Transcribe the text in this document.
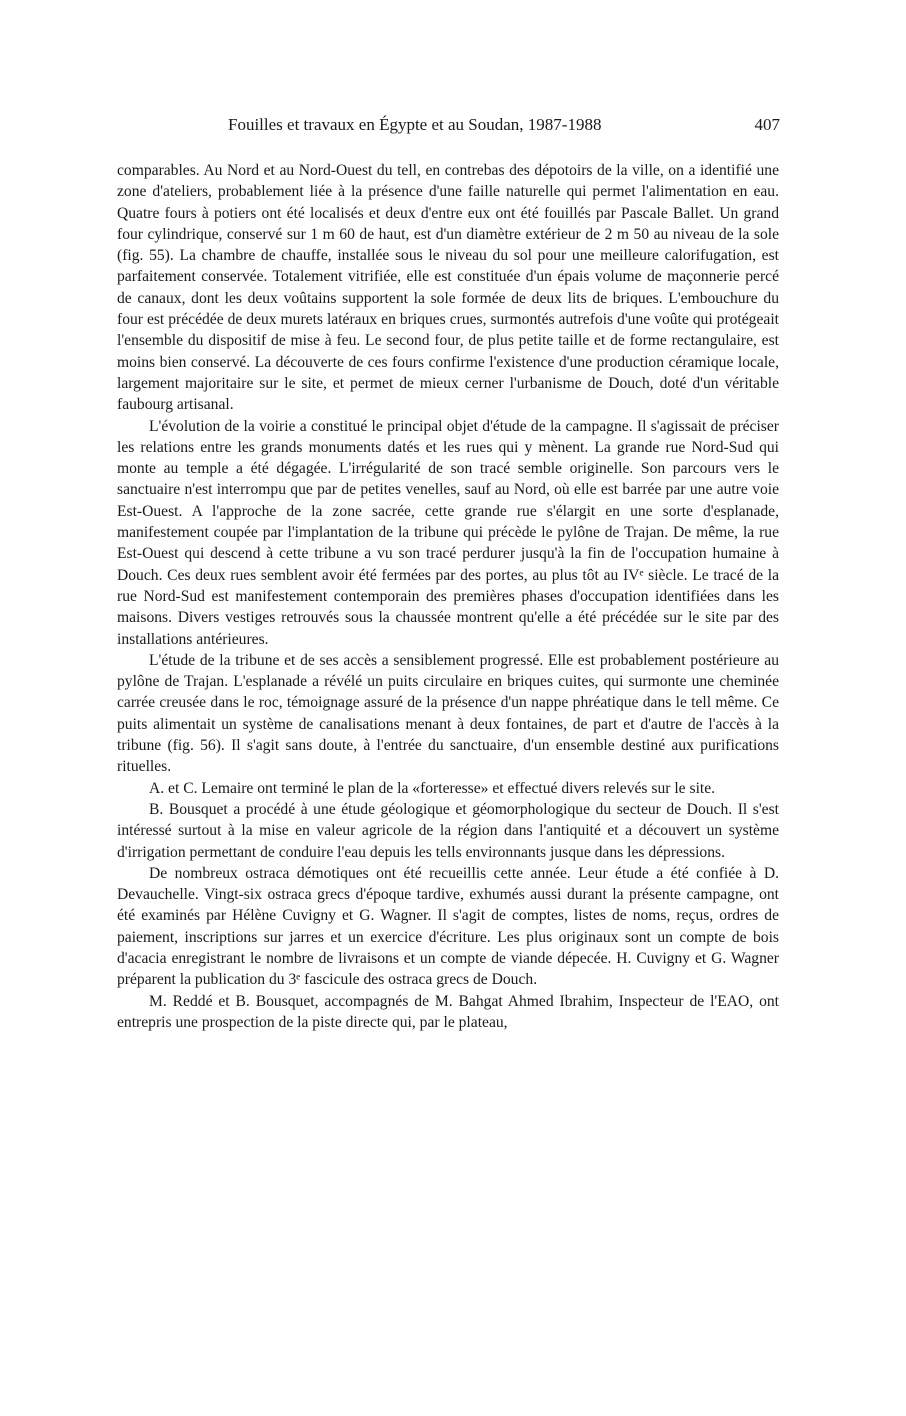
Fouilles et travaux en Égypte et au Soudan, 1987-1988	407

comparables. Au Nord et au Nord-Ouest du tell, en contrebas des dépotoirs de la ville, on a identifié une zone d'ateliers, probablement liée à la présence d'une faille naturelle qui permet l'alimentation en eau. Quatre fours à potiers ont été localisés et deux d'entre eux ont été fouillés par Pascale Ballet. Un grand four cylindrique, conservé sur 1 m 60 de haut, est d'un diamètre extérieur de 2 m 50 au niveau de la sole (fig. 55). La chambre de chauffe, installée sous le niveau du sol pour une meilleure calorifugation, est parfaitement conservée. Totalement vitrifiée, elle est constituée d'un épais volume de maçonnerie percé de canaux, dont les deux voûtains supportent la sole formée de deux lits de briques. L'embouchure du four est précédée de deux murets latéraux en briques crues, surmontés autrefois d'une voûte qui protégeait l'ensemble du dispositif de mise à feu. Le second four, de plus petite taille et de forme rectangulaire, est moins bien conservé. La découverte de ces fours confirme l'existence d'une production céramique locale, largement majoritaire sur le site, et permet de mieux cerner l'urbanisme de Douch, doté d'un véritable faubourg artisanal.

L'évolution de la voirie a constitué le principal objet d'étude de la campagne. Il s'agissait de préciser les relations entre les grands monuments datés et les rues qui y mènent. La grande rue Nord-Sud qui monte au temple a été dégagée. L'irrégularité de son tracé semble originelle. Son parcours vers le sanctuaire n'est interrompu que par de petites venelles, sauf au Nord, où elle est barrée par une autre voie Est-Ouest. A l'approche de la zone sacrée, cette grande rue s'élargit en une sorte d'esplanade, manifestement coupée par l'implantation de la tribune qui précède le pylône de Trajan. De même, la rue Est-Ouest qui descend à cette tribune a vu son tracé perdurer jusqu'à la fin de l'occupation humaine à Douch. Ces deux rues semblent avoir été fermées par des portes, au plus tôt au IVᵉ siècle. Le tracé de la rue Nord-Sud est manifestement contemporain des premières phases d'occupation identifiées dans les maisons. Divers vestiges retrouvés sous la chaussée montrent qu'elle a été précédée sur le site par des installations antérieures.

L'étude de la tribune et de ses accès a sensiblement progressé. Elle est probablement postérieure au pylône de Trajan. L'esplanade a révélé un puits circulaire en briques cuites, qui surmonte une cheminée carrée creusée dans le roc, témoignage assuré de la présence d'un nappe phréatique dans le tell même. Ce puits alimentait un système de canalisations menant à deux fontaines, de part et d'autre de l'accès à la tribune (fig. 56). Il s'agit sans doute, à l'entrée du sanctuaire, d'un ensemble destiné aux purifications rituelles.

A. et C. Lemaire ont terminé le plan de la «forteresse» et effectué divers relevés sur le site.

B. Bousquet a procédé à une étude géologique et géomorphologique du secteur de Douch. Il s'est intéressé surtout à la mise en valeur agricole de la région dans l'antiquité et a découvert un système d'irrigation permettant de conduire l'eau depuis les tells environnants jusque dans les dépressions.

De nombreux ostraca démotiques ont été recueillis cette année. Leur étude a été confiée à D. Devauchelle. Vingt-six ostraca grecs d'époque tardive, exhumés aussi durant la présente campagne, ont été examinés par Hélène Cuvigny et G. Wagner. Il s'agit de comptes, listes de noms, reçus, ordres de paiement, inscriptions sur jarres et un exercice d'écriture. Les plus originaux sont un compte de bois d'acacia enregistrant le nombre de livraisons et un compte de viande dépecée. H. Cuvigny et G. Wagner préparent la publication du 3ᵉ fascicule des ostraca grecs de Douch.

M. Reddé et B. Bousquet, accompagnés de M. Bahgat Ahmed Ibrahim, Inspecteur de l'EAO, ont entrepris une prospection de la piste directe qui, par le plateau,
